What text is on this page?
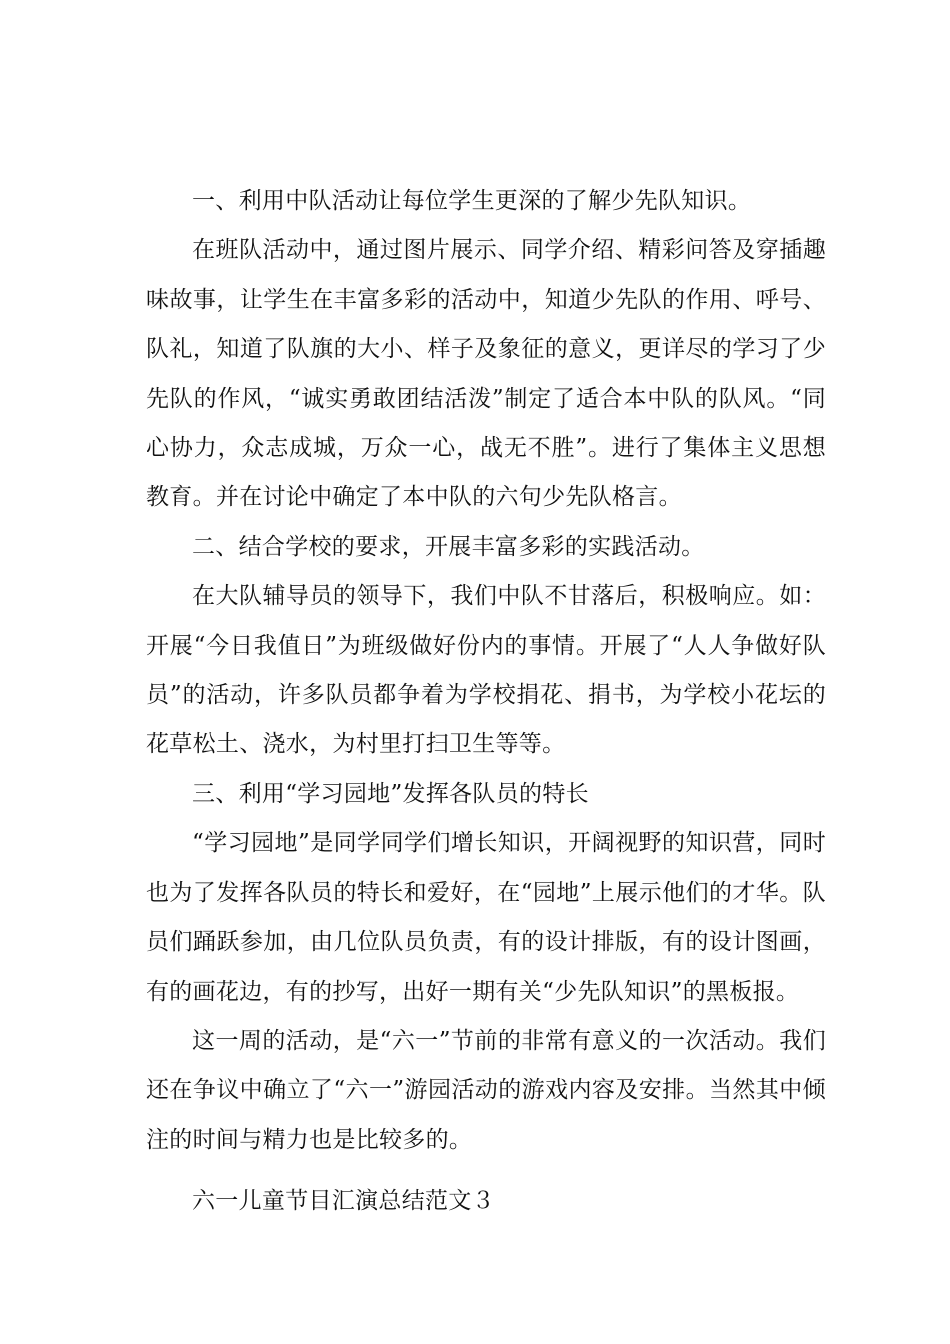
一、利用中队活动让每位学生更深的了解少先队知识。

在班队活动中，通过图片展示、同学介绍、精彩问答及穿插趣味故事，让学生在丰富多彩的活动中，知道少先队的作用、呼号、队礼，知道了队旗的大小、样子及象征的意义，更详尽的学习了少先队的作风，“诚实勇敢团结活泼”制定了适合本中队的队风。“同心协力，众志成城，万众一心，战无不胜”。进行了集体主义思想教育。并在讨论中确定了本中队的六句少先队格言。

二、结合学校的要求，开展丰富多彩的实践活动。

在大队辅导员的领导下，我们中队不甘落后，积极响应。如：开展“今日我值日”为班级做好份内的事情。开展了“人人争做好队员”的活动，许多队员都争着为学校捐花、捐书，为学校小花坛的花草松土、浇水，为村里打扫卫生等等。

三、利用“学习园地”发挥各队员的特长

“学习园地”是同学同学们增长知识，开阔视野的知识营，同时也为了发挥各队员的特长和爱好，在“园地”上展示他们的才华。队员们踊跃参加，由几位队员负责，有的设计排版，有的设计图画，有的画花边，有的抄写，出好一期有关“少先队知识”的黑板报。

这一周的活动，是“六一”节前的非常有意义的一次活动。我们还在争议中确立了“六一”游园活动的游戏内容及安排。当然其中倾注的时间与精力也是比较多的。

六一儿童节目汇演总结范文３
